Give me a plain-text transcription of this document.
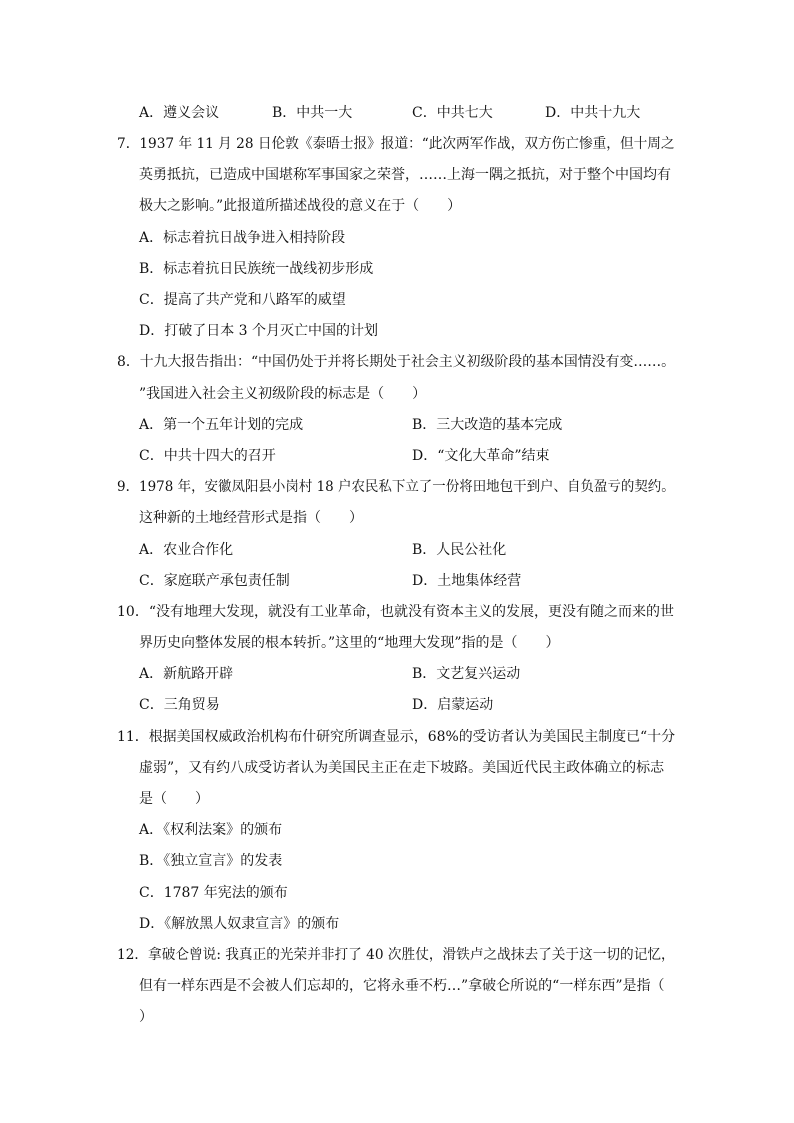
A．遵义会议	B．中共一大	C．中共七大	D．中共十九大
7．1937 年 11 月 28 日伦敦《泰晤士报》报道：“此次两军作战，双方伤亡惨重，但十周之
英勇抵抗，已造成中国堪称军事国家之荣誉，……上海一隅之抵抗，对于整个中国均有
极大之影响。”此报道所描述战役的意义在于（　　）
A．标志着抗日战争进入相持阶段
B．标志着抗日民族统一战线初步形成
C．提高了共产党和八路军的威望
D．打破了日本 3 个月灭亡中国的计划
8．十九大报告指出：“中国仍处于并将长期处于社会主义初级阶段的基本国情没有变……。
”我国进入社会主义初级阶段的标志是（　　）
A．第一个五年计划的完成	B．三大改造的基本完成
C．中共十四大的召开	D．“文化大革命”结束
9．1978 年，安徽凤阳县小岗村 18 户农民私下立了一份将田地包干到户、自负盈亏的契约。
这种新的土地经营形式是指（　　）
A．农业合作化	B．人民公社化
C．家庭联产承包责任制	D．土地集体经营
10．“没有地理大发现，就没有工业革命，也就没有资本主义的发展，更没有随之而来的世
界历史向整体发展的根本转折。”这里的“地理大发现”指的是（　　）
A．新航路开辟	B．文艺复兴运动
C．三角贸易	D．启蒙运动
11．根据美国权威政治机构布什研究所调查显示，68%的受访者认为美国民主制度已“十分
虚弱”，又有约八成受访者认为美国民主正在走下坡路。美国近代民主政体确立的标志
是（　　）
A．《权利法案》的颁布
B．《独立宣言》的发表
C．1787 年宪法的颁布
D．《解放黑人奴隶宣言》的颁布
12．拿破仑曾说: 我真正的光荣并非打了 40 次胜仗，滑铁卢之战抹去了关于这一切的记忆，
但有一样东西是不会被人们忘却的，它将永垂不朽…”拿破仑所说的“一样东西”是指（
）
